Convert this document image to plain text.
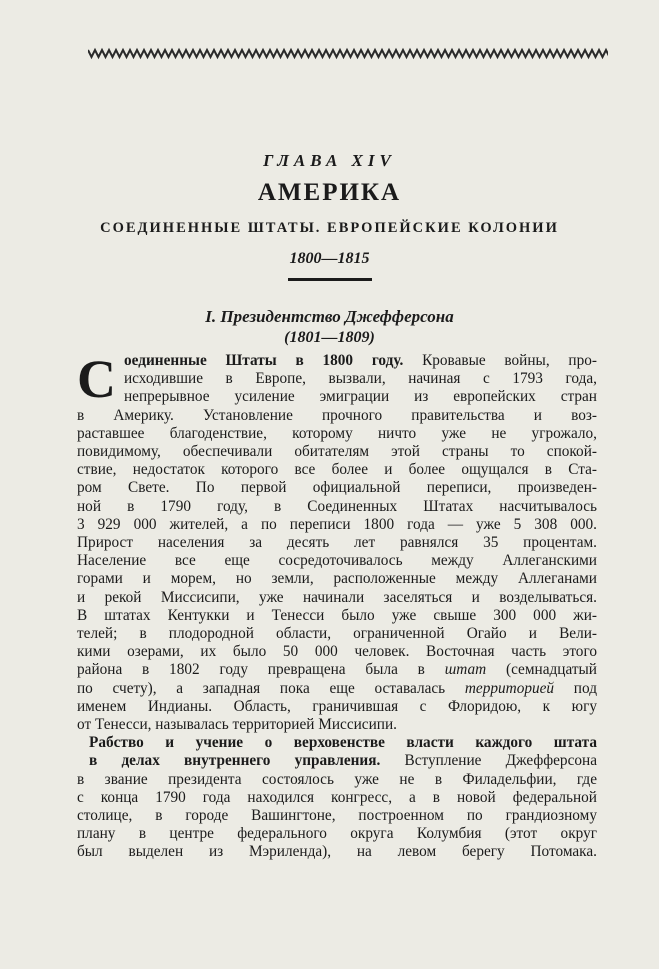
ГЛАВА XIV

АМЕРИКА

СОЕДИНЕННЫЕ ШТАТЫ. ЕВРОПЕЙСКИЕ КОЛОНИИ

1800—1815

I. Президентство Джефферсона

(1801—1809)

С оединенные Штаты в 1800 году. Кровавые войны, про-
исходившие в Европе, вызвали, начиная с 1793 года,
непрерывное усиление эмиграции из европейских стран
в Америку. Установление прочного правительства и воз-
раставшее благоденствие, которому ничто уже не угрожало,
повидимому, обеспечивали обитателям этой страны то спокой-
ствие, недостаток которого все более и более ощущался в Ста-
ром Свете. По первой официальной переписи, произведен-
ной в 1790 году, в Соединенных Штатах насчитывалось
3 929 000 жителей, а по переписи 1800 года — уже 5 308 000.
Прирост населения за десять лет равнялся 35 процентам.
Население все еще сосредоточивалось между Аллеганскими
горами и морем, но земли, расположенные между Аллеганами
и рекой Миссисипи, уже начинали заселяться и возделываться.
В штатах Кентукки и Тенесси было уже свыше 300 000 жи-
телей; в плодородной области, ограниченной Огайо и Вели-
кими озерами, их было 50 000 человек. Восточная часть этого
района в 1802 году превращена была в штат (семнадцатый
по счету), а западная пока еще оставалась территорией под
именем Индианы. Область, граничившая с Флоридою, к югу
от Тенесси, называлась территорией Миссисипи.

Рабство и учение о верховенстве власти каждого штата
в делах внутреннего управления. Вступление Джефферсона
в звание президента состоялось уже не в Филадельфии, где
с конца 1790 года находился конгресс, а в новой федеральной
столице, в городе Вашингтоне, построенном по грандиозному
плану в центре федерального округа Колумбия (этот округ
был выделен из Мэриленда), на левом берегу Потомака.
